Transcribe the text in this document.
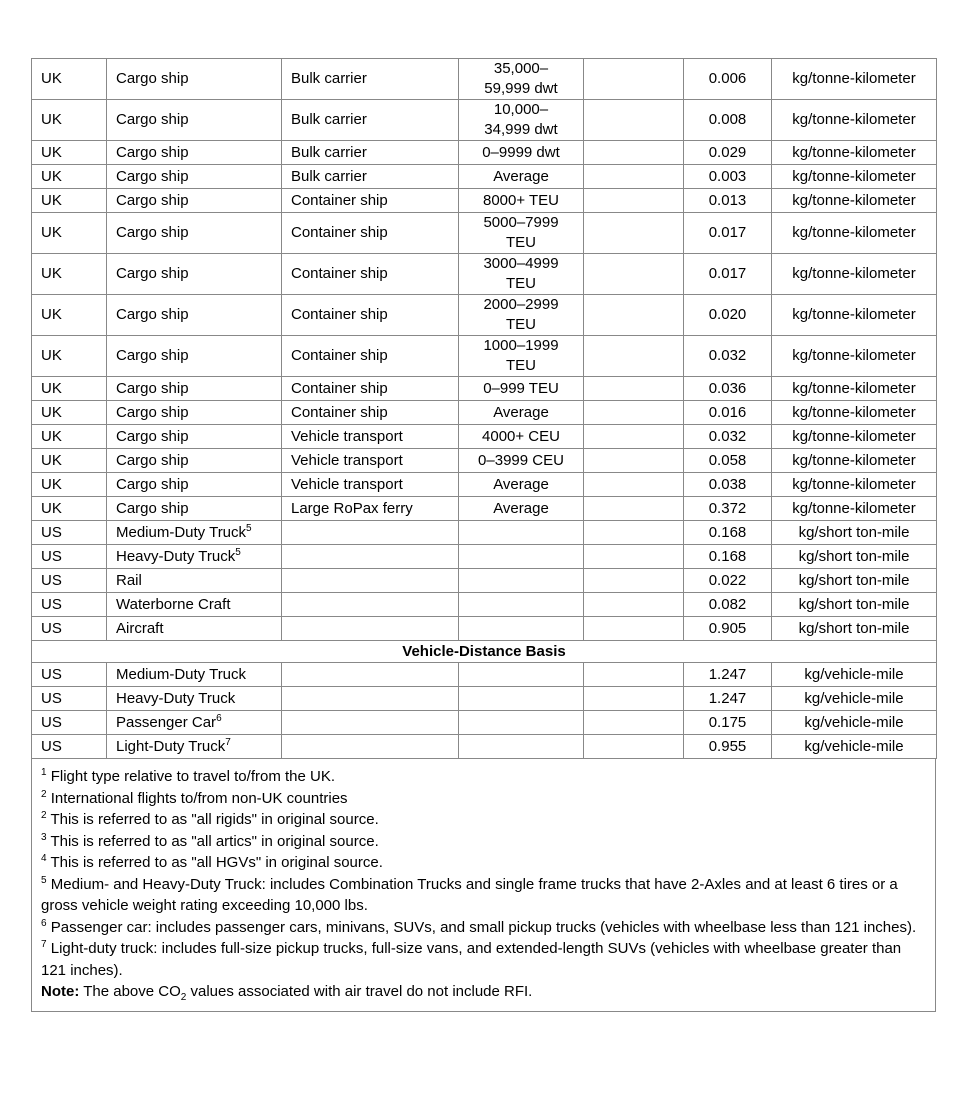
UK	Cargo ship	Bulk carrier	35,000–
59,999 dwt		0.006	kg/tonne-kilometer
UK	Cargo ship	Bulk carrier	10,000–
34,999 dwt		0.008	kg/tonne-kilometer
UK	Cargo ship	Bulk carrier	0–9999 dwt		0.029	kg/tonne-kilometer
UK	Cargo ship	Bulk carrier	Average		0.003	kg/tonne-kilometer
UK	Cargo ship	Container ship	8000+ TEU		0.013	kg/tonne-kilometer
UK	Cargo ship	Container ship	5000–7999
TEU		0.017	kg/tonne-kilometer
UK	Cargo ship	Container ship	3000–4999
TEU		0.017	kg/tonne-kilometer
UK	Cargo ship	Container ship	2000–2999
TEU		0.020	kg/tonne-kilometer
UK	Cargo ship	Container ship	1000–1999
TEU		0.032	kg/tonne-kilometer
UK	Cargo ship	Container ship	0–999 TEU		0.036	kg/tonne-kilometer
UK	Cargo ship	Container ship	Average		0.016	kg/tonne-kilometer
UK	Cargo ship	Vehicle transport	4000+ CEU		0.032	kg/tonne-kilometer
UK	Cargo ship	Vehicle transport	0–3999 CEU		0.058	kg/tonne-kilometer
UK	Cargo ship	Vehicle transport	Average		0.038	kg/tonne-kilometer
UK	Cargo ship	Large RoPax ferry	Average		0.372	kg/tonne-kilometer
US	Medium-Duty Truck$^5$				0.168	kg/short ton-mile
US	Heavy-Duty Truck$^5$				0.168	kg/short ton-mile
US	Rail				0.022	kg/short ton-mile
US	Waterborne Craft				0.082	kg/short ton-mile
US	Aircraft				0.905	kg/short ton-mile
Vehicle-Distance Basis						
US	Medium-Duty Truck				1.247	kg/vehicle-mile
US	Heavy-Duty Truck				1.247	kg/vehicle-mile
US	Passenger Car$^6$				0.175	kg/vehicle-mile
US	Light-Duty Truck$^7$				0.955	kg/vehicle-mile
$^1$ Flight type relative to travel to/from the UK.
$^2$ International flights to/from non-UK countries
$^2$ This is referred to as "all rigids" in original source.
$^3$ This is referred to as "all artics" in original source.
$^4$ This is referred to as "all HGVs" in original source.
$^5$ Medium- and Heavy-Duty Truck: includes Combination Trucks and single frame trucks that have 2-Axles and at least 6 tires or a gross vehicle weight rating exceeding 10,000 lbs.
$^6$ Passenger car: includes passenger cars, minivans, SUVs, and small pickup trucks (vehicles with wheelbase less than 121 inches).
$^7$ Light-duty truck: includes full-size pickup trucks, full-size vans, and extended-length SUVs (vehicles with wheelbase greater than 121 inches).
Note: The above $CO_2$ values associated with air travel do not include RFI.
